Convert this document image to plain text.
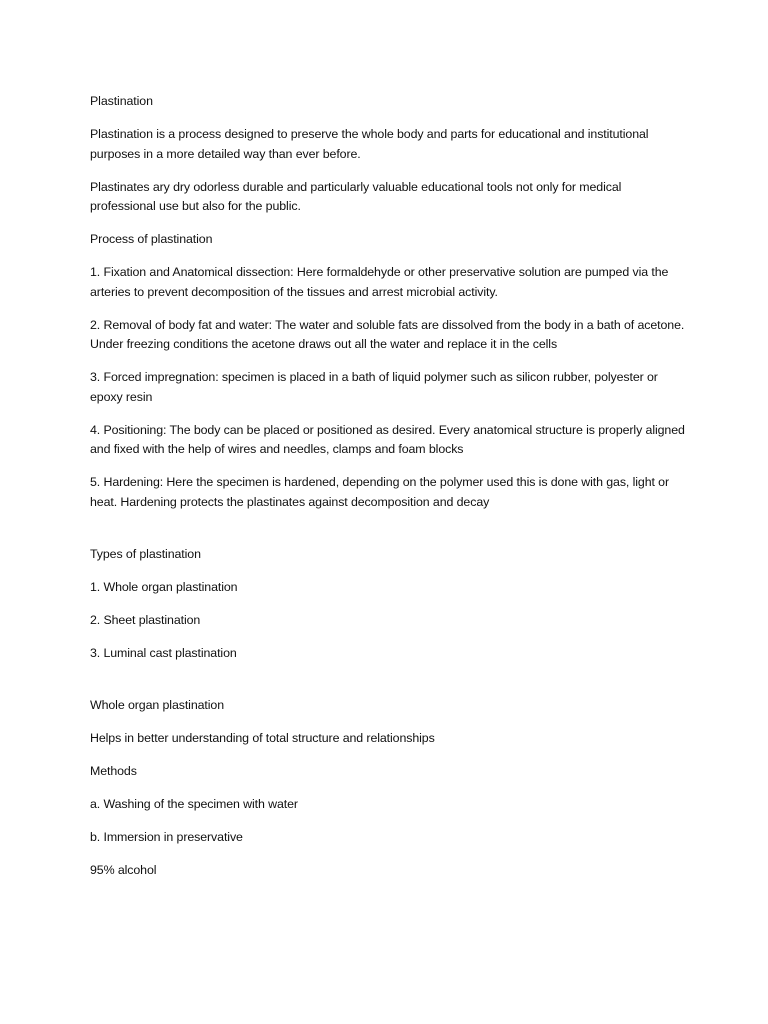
Plastination

Plastination is a process designed to preserve the whole body and parts for educational and institutional purposes in a more detailed way than ever before.

Plastinates ary dry odorless durable and particularly valuable educational tools not only for medical professional use but also for the public.

Process of plastination

1. Fixation and Anatomical dissection: Here formaldehyde or other preservative solution are pumped via the arteries to prevent decomposition of the tissues and arrest microbial activity.

2. Removal of body fat and water: The water and soluble fats are dissolved from the body in a bath of acetone. Under freezing conditions the acetone draws out all the water and replace it in the cells

3. Forced impregnation: specimen is placed in a bath of liquid polymer such as silicon rubber, polyester or epoxy resin

4. Positioning: The body can be placed or positioned as desired. Every anatomical structure is properly aligned and fixed with the help of wires and needles, clamps and foam blocks

5. Hardening: Here the specimen is hardened, depending on the polymer used this is done with gas, light or heat. Hardening protects the plastinates against decomposition and decay

Types of plastination

1. Whole organ plastination

2. Sheet plastination

3. Luminal cast plastination

Whole organ plastination

Helps in better understanding of total structure and relationships

Methods

a. Washing of the specimen with water

b. Immersion in preservative

95% alcohol
